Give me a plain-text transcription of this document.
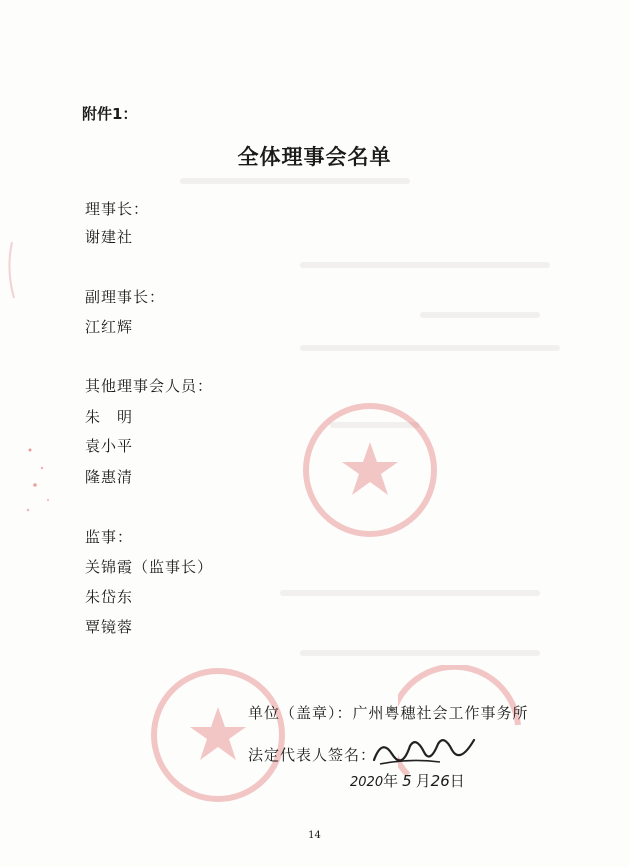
附件1：
全体理事会名单
理事长：
谢建社
副理事长：
江红辉
其他理事会人员：
朱　明
袁小平
隆惠清
监事：
关锦霞（监事长）
朱岱东
覃镜蓉
单位（盖章）：广州粤穗社会工作事务所
法定代表人签名：
2020年 5 月26日
14
